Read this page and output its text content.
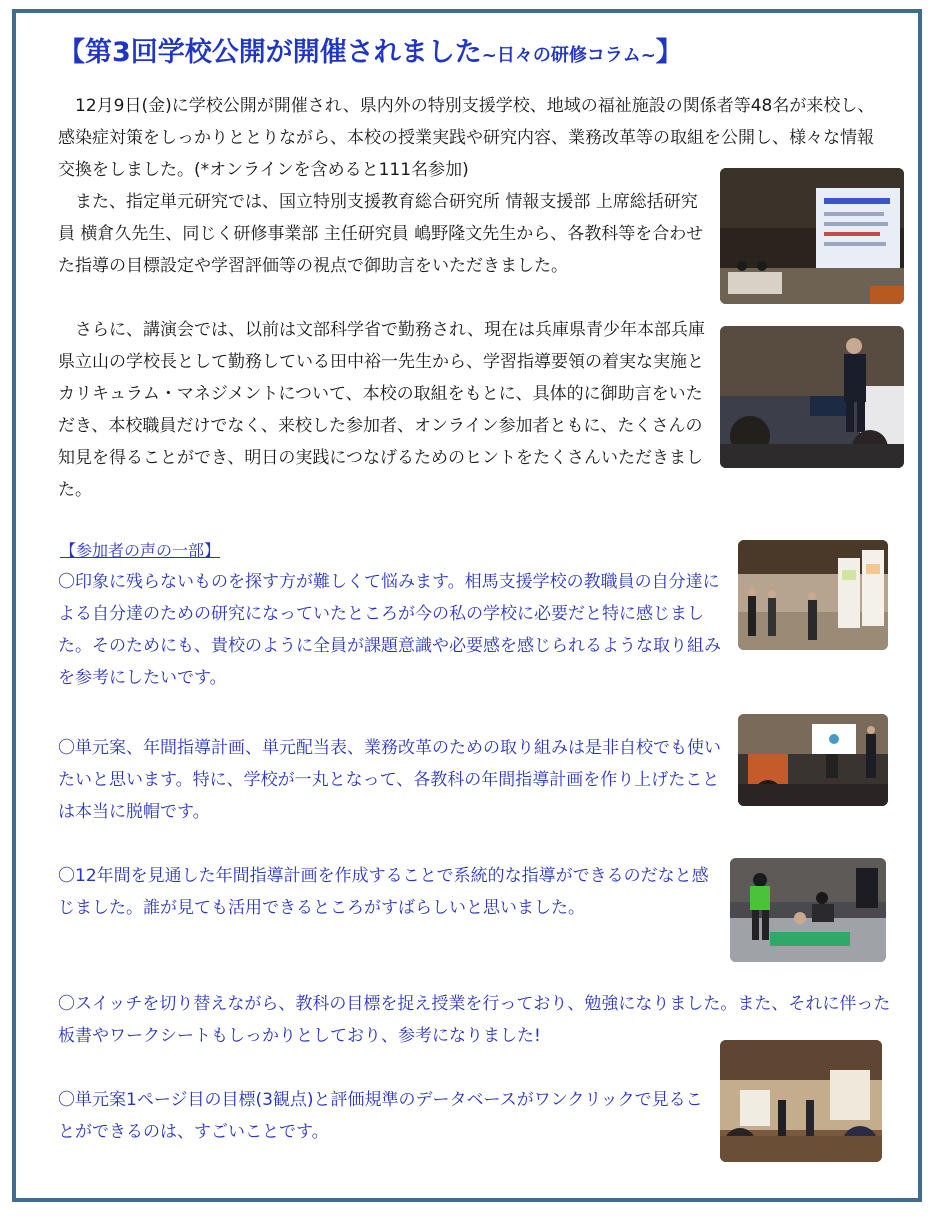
【第3回学校公開が開催されました~日々の研修コラム~】

12月9日(金)に学校公開が開催され、県内外の特別支援学校、地域の福祉施設の関係者等48名が来校し、感染症対策をしっかりととりながら、本校の授業実践や研究内容、業務改革等の取組を公開し、様々な情報交換をしました。(*オンラインを含めると111名参加)

また、指定単元研究では、国立特別支援教育総合研究所 情報支援部 上席総括研究員 横倉久先生、同じく研修事業部 主任研究員 嶋野隆文先生から、各教科等を合わせた指導の目標設定や学習評価等の視点で御助言をいただきました。

さらに、講演会では、以前は文部科学省で勤務され、現在は兵庫県青少年本部兵庫県立山の学校長として勤務している田中裕一先生から、学習指導要領の着実な実施とカリキュラム・マネジメントについて、本校の取組をもとに、具体的に御助言をいただき、本校職員だけでなく、来校した参加者、オンライン参加者ともに、たくさんの知見を得ることができ、明日の実践につなげるためのヒントをたくさんいただきました。

【参加者の声の一部】

〇印象に残らないものを探す方が難しくて悩みます。相馬支援学校の教職員の自分達による自分達のための研究になっていたところが今の私の学校に必要だと特に感じました。そのためにも、貴校のように全員が課題意識や必要感を感じられるような取り組みを参考にしたいです。

〇単元案、年間指導計画、単元配当表、業務改革のための取り組みは是非自校でも使いたいと思います。特に、学校が一丸となって、各教科の年間指導計画を作り上げたことは本当に脱帽です。

〇12年間を見通した年間指導計画を作成することで系統的な指導ができるのだなと感じました。誰が見ても活用できるところがすばらしいと思いました。

〇スイッチを切り替えながら、教科の目標を捉え授業を行っており、勉強になりました。また、それに伴った板書やワークシートもしっかりとしており、参考になりました!

〇単元案1ページ目の目標(3観点)と評価規準のデータベースがワンクリックで見ることができるのは、すごいことです。
